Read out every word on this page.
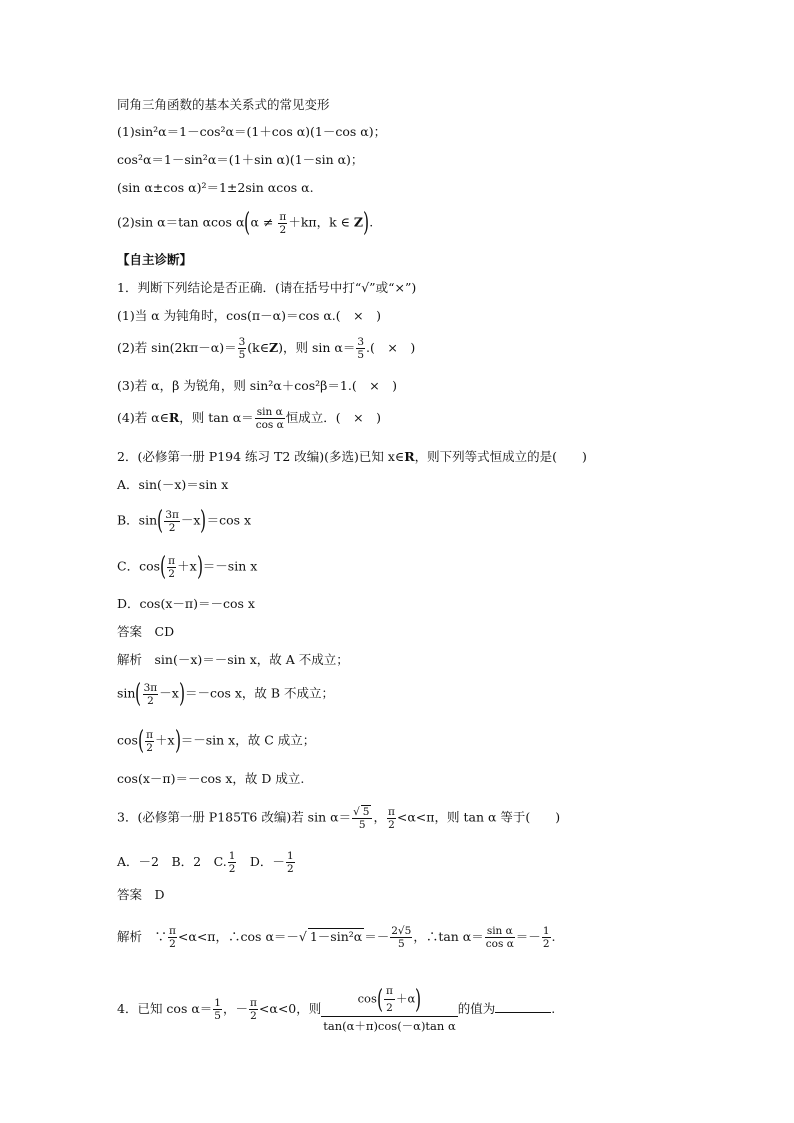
同角三角函数的基本关系式的常见变形
(1)sin²α＝1－cos²α＝(1＋cos α)(1－cos α)；
cos²α＝1－sin²α＝(1＋sin α)(1－sin α)；
(sin α±cos α)²＝1±2sin αcos α.
(2)sin α＝tan αcos $\alpha(\alpha \ne \frac{\pi}{2} +k\pi$，k ∈ Z).
【自主诊断】
1．判断下列结论是否正确．(请在括号中打“√”或“×”)
(1)当 α 为钝角时，cos(π－α)＝cos α.(　×　)
(2)若 $\sin(2k\pi-\alpha)= \frac{3}{5}$ (k∈Z)，则 $\sin \alpha= \frac{3}{5}$ .(　×　)
(3)若 α，β 为锐角，则 sin²α＋cos²β＝1.(　×　)
(4)若 α∈R，则 $\tan \alpha= \frac{\text{sin α}}{\text{cos α}}$ 恒成立．(　×　)
2．(必修第一册 P194 练习 T2 改编)(多选)已知 x∈R，则下列等式恒成立的是(　　)
A．sin(－x)＝sin x
B．$\sin( \frac{3\pi}{2} -x)=\cos$ x
C．$\cos( \frac{\pi}{2} +x)=-\sin$ x
D．cos(x－π)＝－cos x
答案　CD
解析　sin(－x)＝－sin x，故 A 不成立；
$\sin( \frac{3\pi}{2} -x)=-\cos$ x，故 B 不成立；
$\cos( \frac{\pi}{2} +x)=-\sin$ x，故 C 成立；
cos(x－π)＝－cos x，故 D 成立.
3．(必修第一册 P185T6 改编)若 $\sin \alpha= \frac{√ 5}{5}$ ， $\frac{\pi}{2} <\alpha<\pi$，则 tan α 等于(　　)
A．－2　B．2　C. $\frac{1}{2}$ 　D．－ $\frac{1}{2}$
答案　D
解析　∵ $\frac{\pi}{2} <\alpha<\pi$，∴cos α＝－√ $1-\sin^2\alpha =- \frac{2√5}{5}$ ，∴tan $\alpha= \frac{\text{sin α}}{\text{cos α}} =- \frac{1}{2}$ .
4．已知 $\cos \alpha= \frac{1}{5}$ ，－ $\frac{\pi}{2} <\alpha<0$，则 $\frac{\cos( \frac{\pi}{2} +\alpha)}{\text{tan(α＋π)cos(－α)tan α}}$ 的值为	.
